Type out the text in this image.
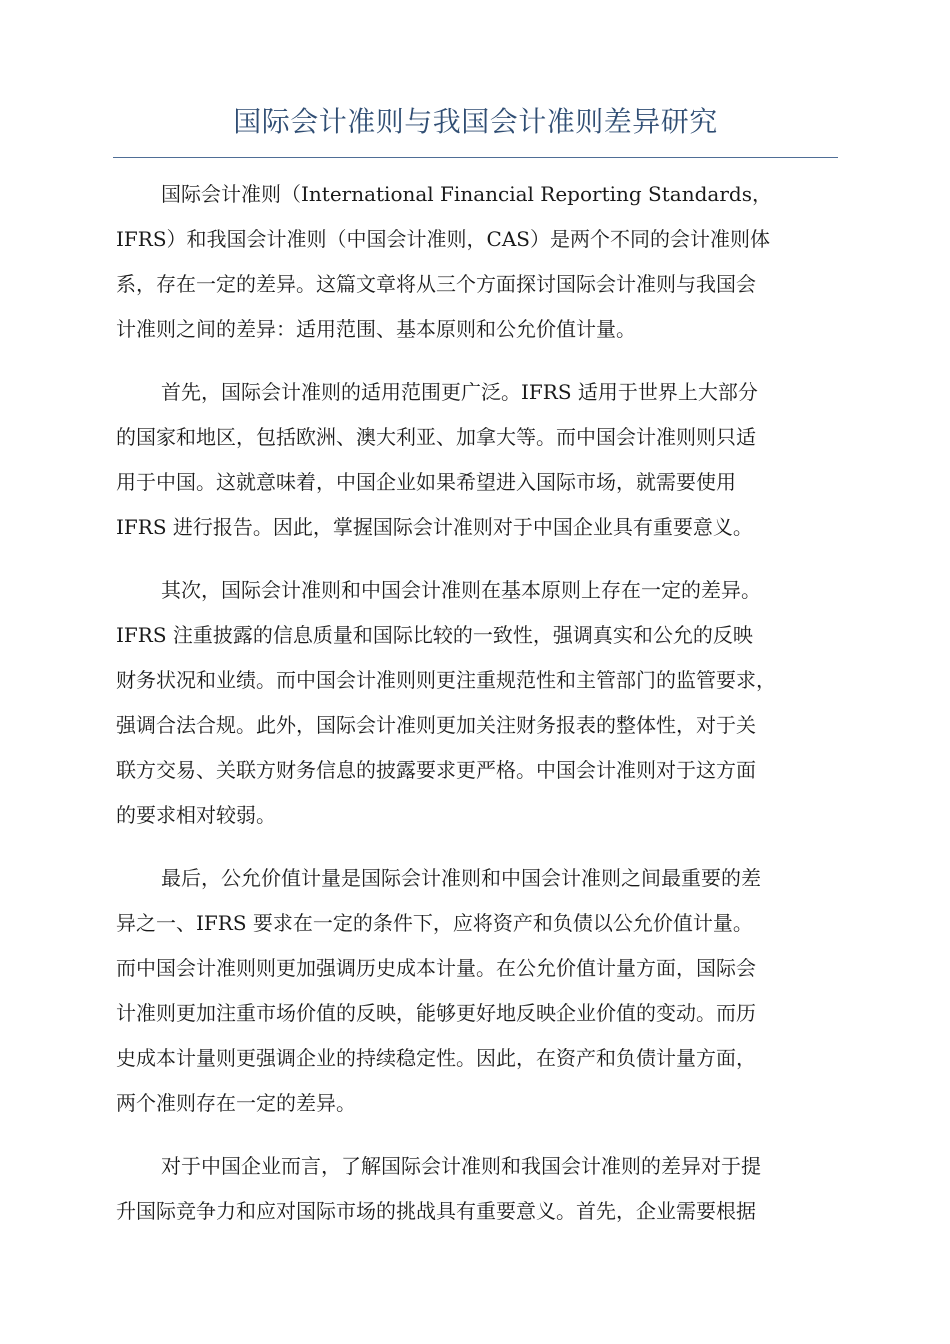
国际会计准则与我国会计准则差异研究

国际会计准则（International Financial Reporting Standards，
IFRS）和我国会计准则（中国会计准则，CAS）是两个不同的会计准则体
系，存在一定的差异。这篇文章将从三个方面探讨国际会计准则与我国会
计准则之间的差异：适用范围、基本原则和公允价值计量。

首先，国际会计准则的适用范围更广泛。IFRS 适用于世界上大部分
的国家和地区，包括欧洲、澳大利亚、加拿大等。而中国会计准则则只适
用于中国。这就意味着，中国企业如果希望进入国际市场，就需要使用
IFRS 进行报告。因此，掌握国际会计准则对于中国企业具有重要意义。

其次，国际会计准则和中国会计准则在基本原则上存在一定的差异。
IFRS 注重披露的信息质量和国际比较的一致性，强调真实和公允的反映
财务状况和业绩。而中国会计准则则更注重规范性和主管部门的监管要求，
强调合法合规。此外，国际会计准则更加关注财务报表的整体性，对于关
联方交易、关联方财务信息的披露要求更严格。中国会计准则对于这方面
的要求相对较弱。

最后，公允价值计量是国际会计准则和中国会计准则之间最重要的差
异之一、IFRS 要求在一定的条件下，应将资产和负债以公允价值计量。
而中国会计准则则更加强调历史成本计量。在公允价值计量方面，国际会
计准则更加注重市场价值的反映，能够更好地反映企业价值的变动。而历
史成本计量则更强调企业的持续稳定性。因此，在资产和负债计量方面，
两个准则存在一定的差异。

对于中国企业而言，了解国际会计准则和我国会计准则的差异对于提
升国际竞争力和应对国际市场的挑战具有重要意义。首先，企业需要根据
